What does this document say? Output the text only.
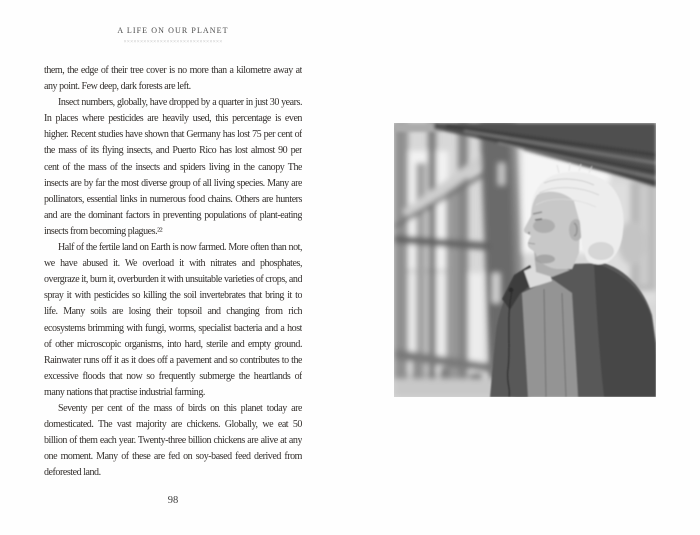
A LIFE ON OUR PLANET
××××××××××××××××××××××××××××××

them, the edge of their tree cover is no more than a kilometre away at any point. Few deep, dark forests are left.

Insect numbers, globally, have dropped by a quarter in just 30 years. In places where pesticides are heavily used, this percentage is even higher. Recent studies have shown that Germany has lost 75 per cent of the mass of its flying insects, and Puerto Rico has lost almost 90 per cent of the mass of the insects and spiders living in the canopy The insects are by far the most diverse group of all living species. Many are pollinators, essential links in numerous food chains. Others are hunters and are the dominant factors in preventing populations of plant-eating insects from becoming plagues.²²

Half of the fertile land on Earth is now farmed. More often than not, we have abused it. We overload it with nitrates and phosphates, overgraze it, burn it, overburden it with unsuitable varieties of crops, and spray it with pesticides so killing the soil invertebrates that bring it to life. Many soils are losing their topsoil and changing from rich ecosystems brimming with fungi, worms, specialist bacteria and a host of other microscopic organisms, into hard, sterile and empty ground. Rainwater runs off it as it does off a pavement and so contributes to the excessive floods that now so frequently submerge the heartlands of many nations that practise industrial farming.

Seventy per cent of the mass of birds on this planet today are domesticated. The vast majority are chickens. Globally, we eat 50 billion of them each year. Twenty-three billion chickens are alive at any one moment. Many of these are fed on soy-based feed derived from deforested land.

98
